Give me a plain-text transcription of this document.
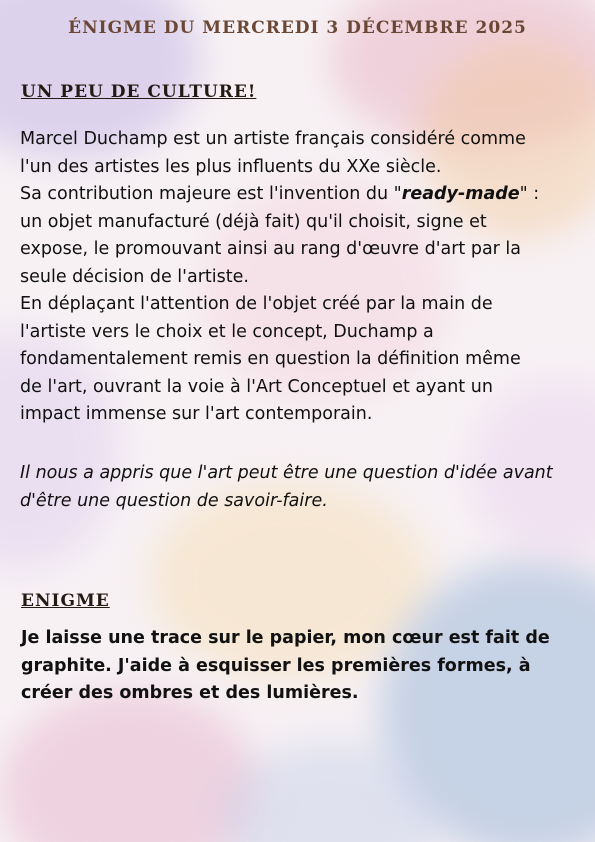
ÉNIGME DU MERCREDI 3 DÉCEMBRE 2025
UN PEU DE CULTURE!
Marcel Duchamp est un artiste français considéré comme
l'un des artistes les plus influents du XXe siècle.
Sa contribution majeure est l'invention du "ready-made" :
un objet manufacturé (déjà fait) qu'il choisit, signe et
expose, le promouvant ainsi au rang d'œuvre d'art par la
seule décision de l'artiste.
En déplaçant l'attention de l'objet créé par la main de
l'artiste vers le choix et le concept, Duchamp a
fondamentalement remis en question la définition même
de l'art, ouvrant la voie à l'Art Conceptuel et ayant un
impact immense sur l'art contemporain.
Il nous a appris que l'art peut être une question d'idée avant
d'être une question de savoir-faire.
ENIGME
Je laisse une trace sur le papier, mon cœur est fait de
graphite. J'aide à esquisser les premières formes, à
créer des ombres et des lumières.
